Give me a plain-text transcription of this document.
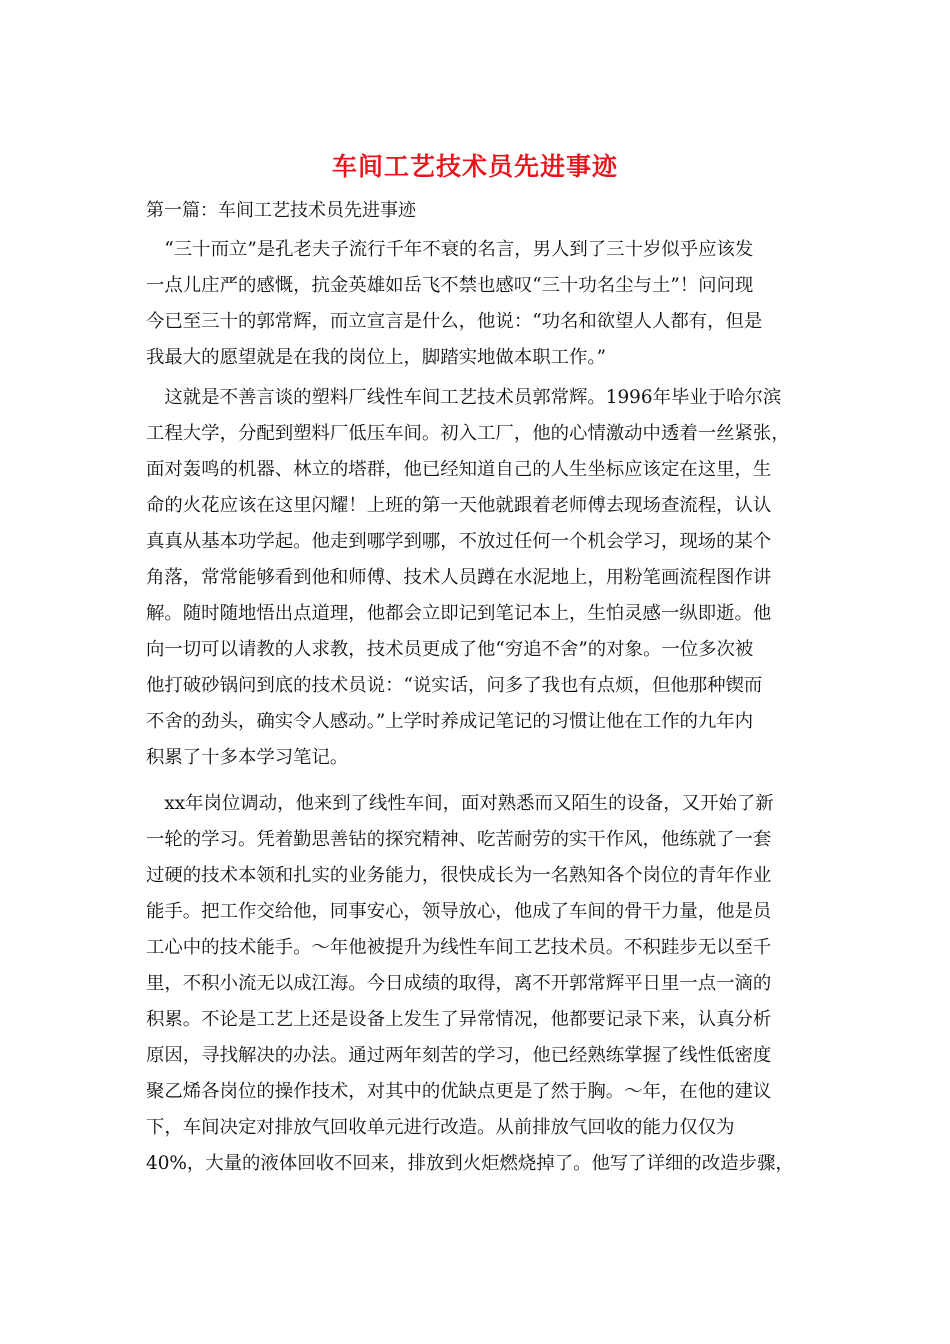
车间工艺技术员先进事迹
第一篇：车间工艺技术员先进事迹
　“三十而立”是孔老夫子流行千年不衰的名言，男人到了三十岁似乎应该发
一点儿庄严的感慨，抗金英雄如岳飞不禁也感叹“三十功名尘与土”！问问现
今已至三十的郭常辉，而立宣言是什么，他说：“功名和欲望人人都有，但是
我最大的愿望就是在我的岗位上，脚踏实地做本职工作。”
　这就是不善言谈的塑料厂线性车间工艺技术员郭常辉。1996年毕业于哈尔滨
工程大学，分配到塑料厂低压车间。初入工厂，他的心情激动中透着一丝紧张，
面对轰鸣的机器、林立的塔群，他已经知道自己的人生坐标应该定在这里，生
命的火花应该在这里闪耀！上班的第一天他就跟着老师傅去现场查流程，认认
真真从基本功学起。他走到哪学到哪，不放过任何一个机会学习，现场的某个
角落，常常能够看到他和师傅、技术人员蹲在水泥地上，用粉笔画流程图作讲
解。随时随地悟出点道理，他都会立即记到笔记本上，生怕灵感一纵即逝。他
向一切可以请教的人求教，技术员更成了他“穷追不舍”的对象。一位多次被
他打破砂锅问到底的技术员说：“说实话，问多了我也有点烦，但他那种锲而
不舍的劲头，确实令人感动。”上学时养成记笔记的习惯让他在工作的九年内
积累了十多本学习笔记。
　xx年岗位调动，他来到了线性车间，面对熟悉而又陌生的设备，又开始了新
一轮的学习。凭着勤思善钻的探究精神、吃苦耐劳的实干作风，他练就了一套
过硬的技术本领和扎实的业务能力，很快成长为一名熟知各个岗位的青年作业
能手。把工作交给他，同事安心，领导放心，他成了车间的骨干力量，他是员
工心中的技术能手。～年他被提升为线性车间工艺技术员。不积跬步无以至千
里，不积小流无以成江海。今日成绩的取得，离不开郭常辉平日里一点一滴的
积累。不论是工艺上还是设备上发生了异常情况，他都要记录下来，认真分析
原因，寻找解决的办法。通过两年刻苦的学习，他已经熟练掌握了线性低密度
聚乙烯各岗位的操作技术，对其中的优缺点更是了然于胸。～年，在他的建议
下，车间决定对排放气回收单元进行改造。从前排放气回收的能力仅仅为
40%，大量的液体回收不回来，排放到火炬燃烧掉了。他写了详细的改造步骤，
